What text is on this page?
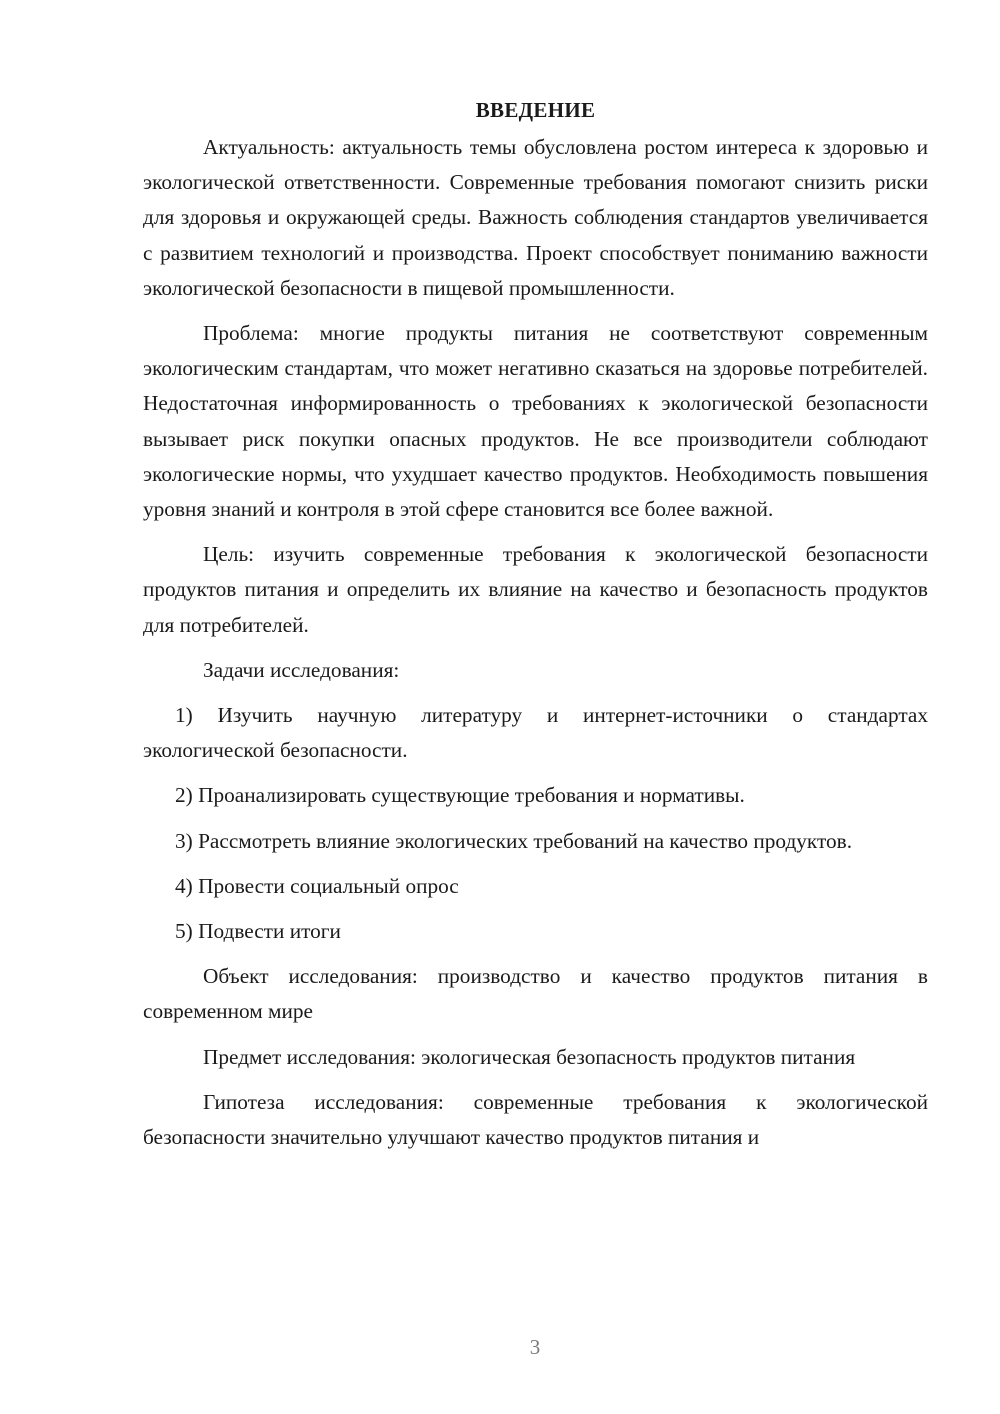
ВВЕДЕНИЕ

Актуальность: актуальность темы обусловлена ростом интереса к здоровью и экологической ответственности. Современные требования помогают снизить риски для здоровья и окружающей среды. Важность соблюдения стандартов увеличивается с развитием технологий и производства. Проект способствует пониманию важности экологической безопасности в пищевой промышленности.

Проблема: многие продукты питания не соответствуют современным экологическим стандартам, что может негативно сказаться на здоровье потребителей. Недостаточная информированность о требованиях к экологической безопасности вызывает риск покупки опасных продуктов. Не все производители соблюдают экологические нормы, что ухудшает качество продуктов. Необходимость повышения уровня знаний и контроля в этой сфере становится все более важной.

Цель: изучить современные требования к экологической безопасности продуктов питания и определить их влияние на качество и безопасность продуктов для потребителей.

Задачи исследования:

1) Изучить научную литературу и интернет-источники о стандартах экологической безопасности.

2) Проанализировать существующие требования и нормативы.

3) Рассмотреть влияние экологических требований на качество продуктов.

4) Провести социальный опрос

5) Подвести итоги

Объект исследования: производство и качество продуктов питания в современном мире

Предмет исследования: экологическая безопасность продуктов питания

Гипотеза исследования: современные требования к экологической безопасности значительно улучшают качество продуктов питания и

3
